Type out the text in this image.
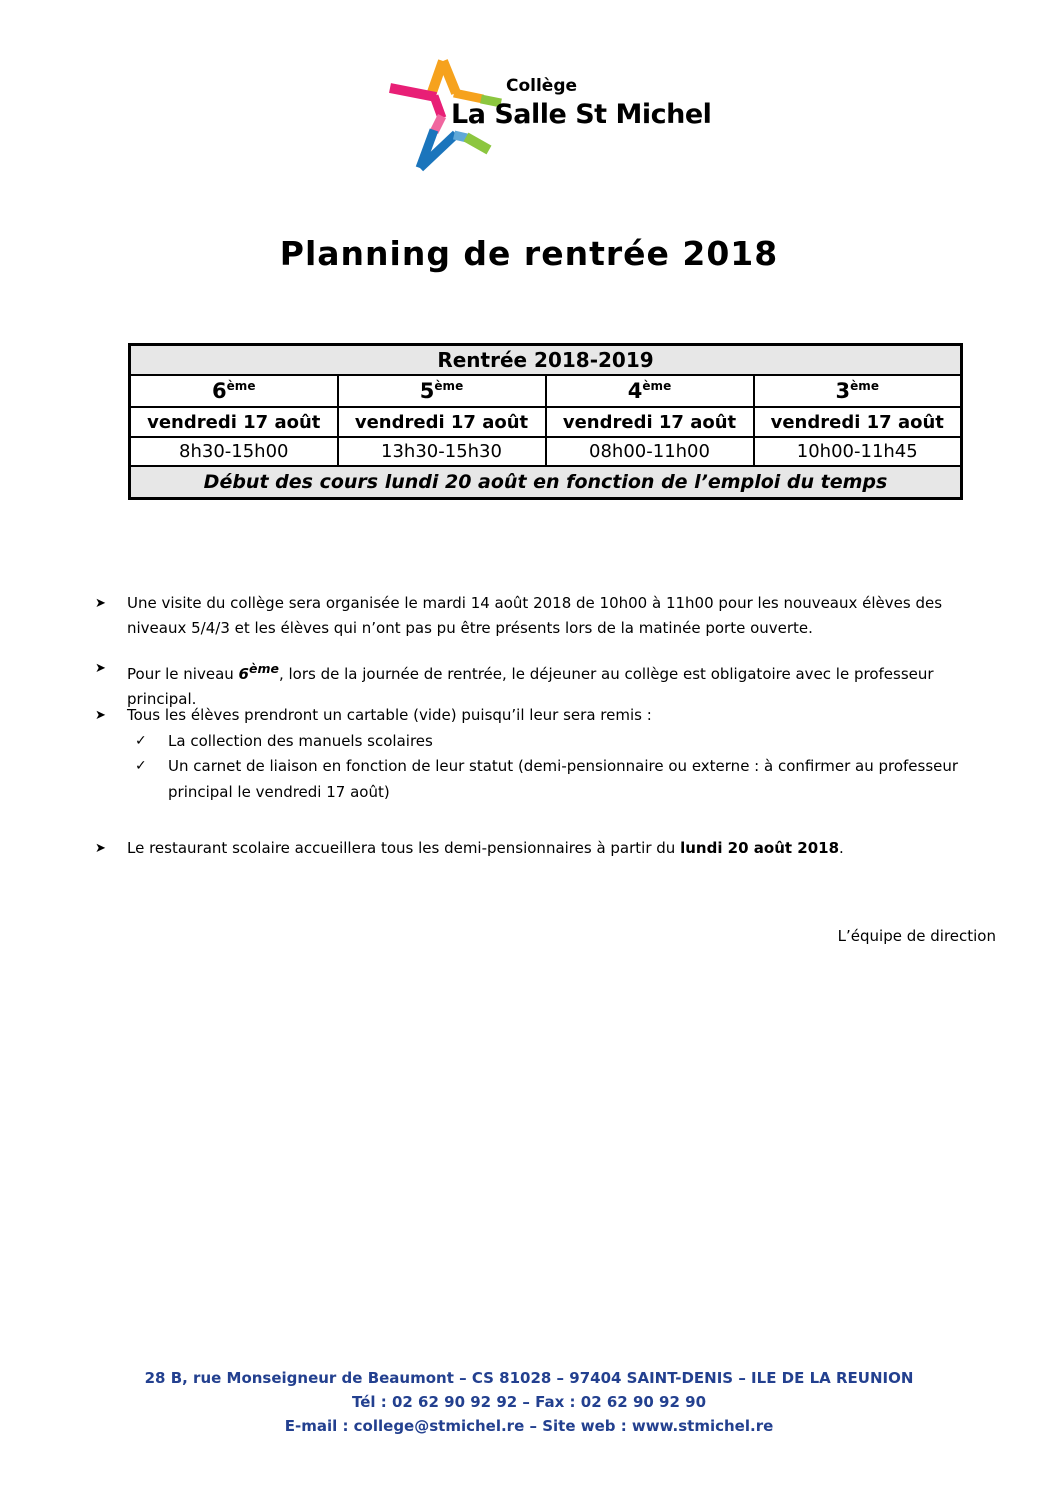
Collège
La Salle St Michel
Planning de rentrée 2018
Rentrée 2018-2019			
6ème	5ème	4ème	3ème
vendredi 17 août	vendredi 17 août	vendredi 17 août	vendredi 17 août
8h30-15h00	13h30-15h30	08h00-11h00	10h00-11h45
Début des cours lundi 20 août en fonction de l’emploi du temps			
➤	Une visite du collège sera organisée le mardi 14 août 2018 de 10h00 à 11h00 pour les nouveaux élèves des niveaux 5/4/3 et les élèves qui n’ont pas pu être présents lors de la matinée porte ouverte.

➤	Pour le niveau 6ème, lors de la journée de rentrée, le déjeuner au collège est obligatoire avec le professeur principal.

➤	Tous les élèves prendront un cartable (vide) puisqu’il leur sera remis :

✓	La collection des manuels scolaires

✓	Un carnet de liaison en fonction de leur statut (demi-pensionnaire ou externe : à confirmer au professeur principal le vendredi 17 août)

➤	Le restaurant scolaire accueillera tous les demi-pensionnaires à partir du lundi 20 août 2018.

L’équipe de direction
28 B, rue Monseigneur de Beaumont – CS 81028 – 97404 SAINT-DENIS – ILE DE LA REUNION
Tél : 02 62 90 92 92 – Fax : 02 62 90 92 90
E-mail : college@stmichel.re – Site web : www.stmichel.re
